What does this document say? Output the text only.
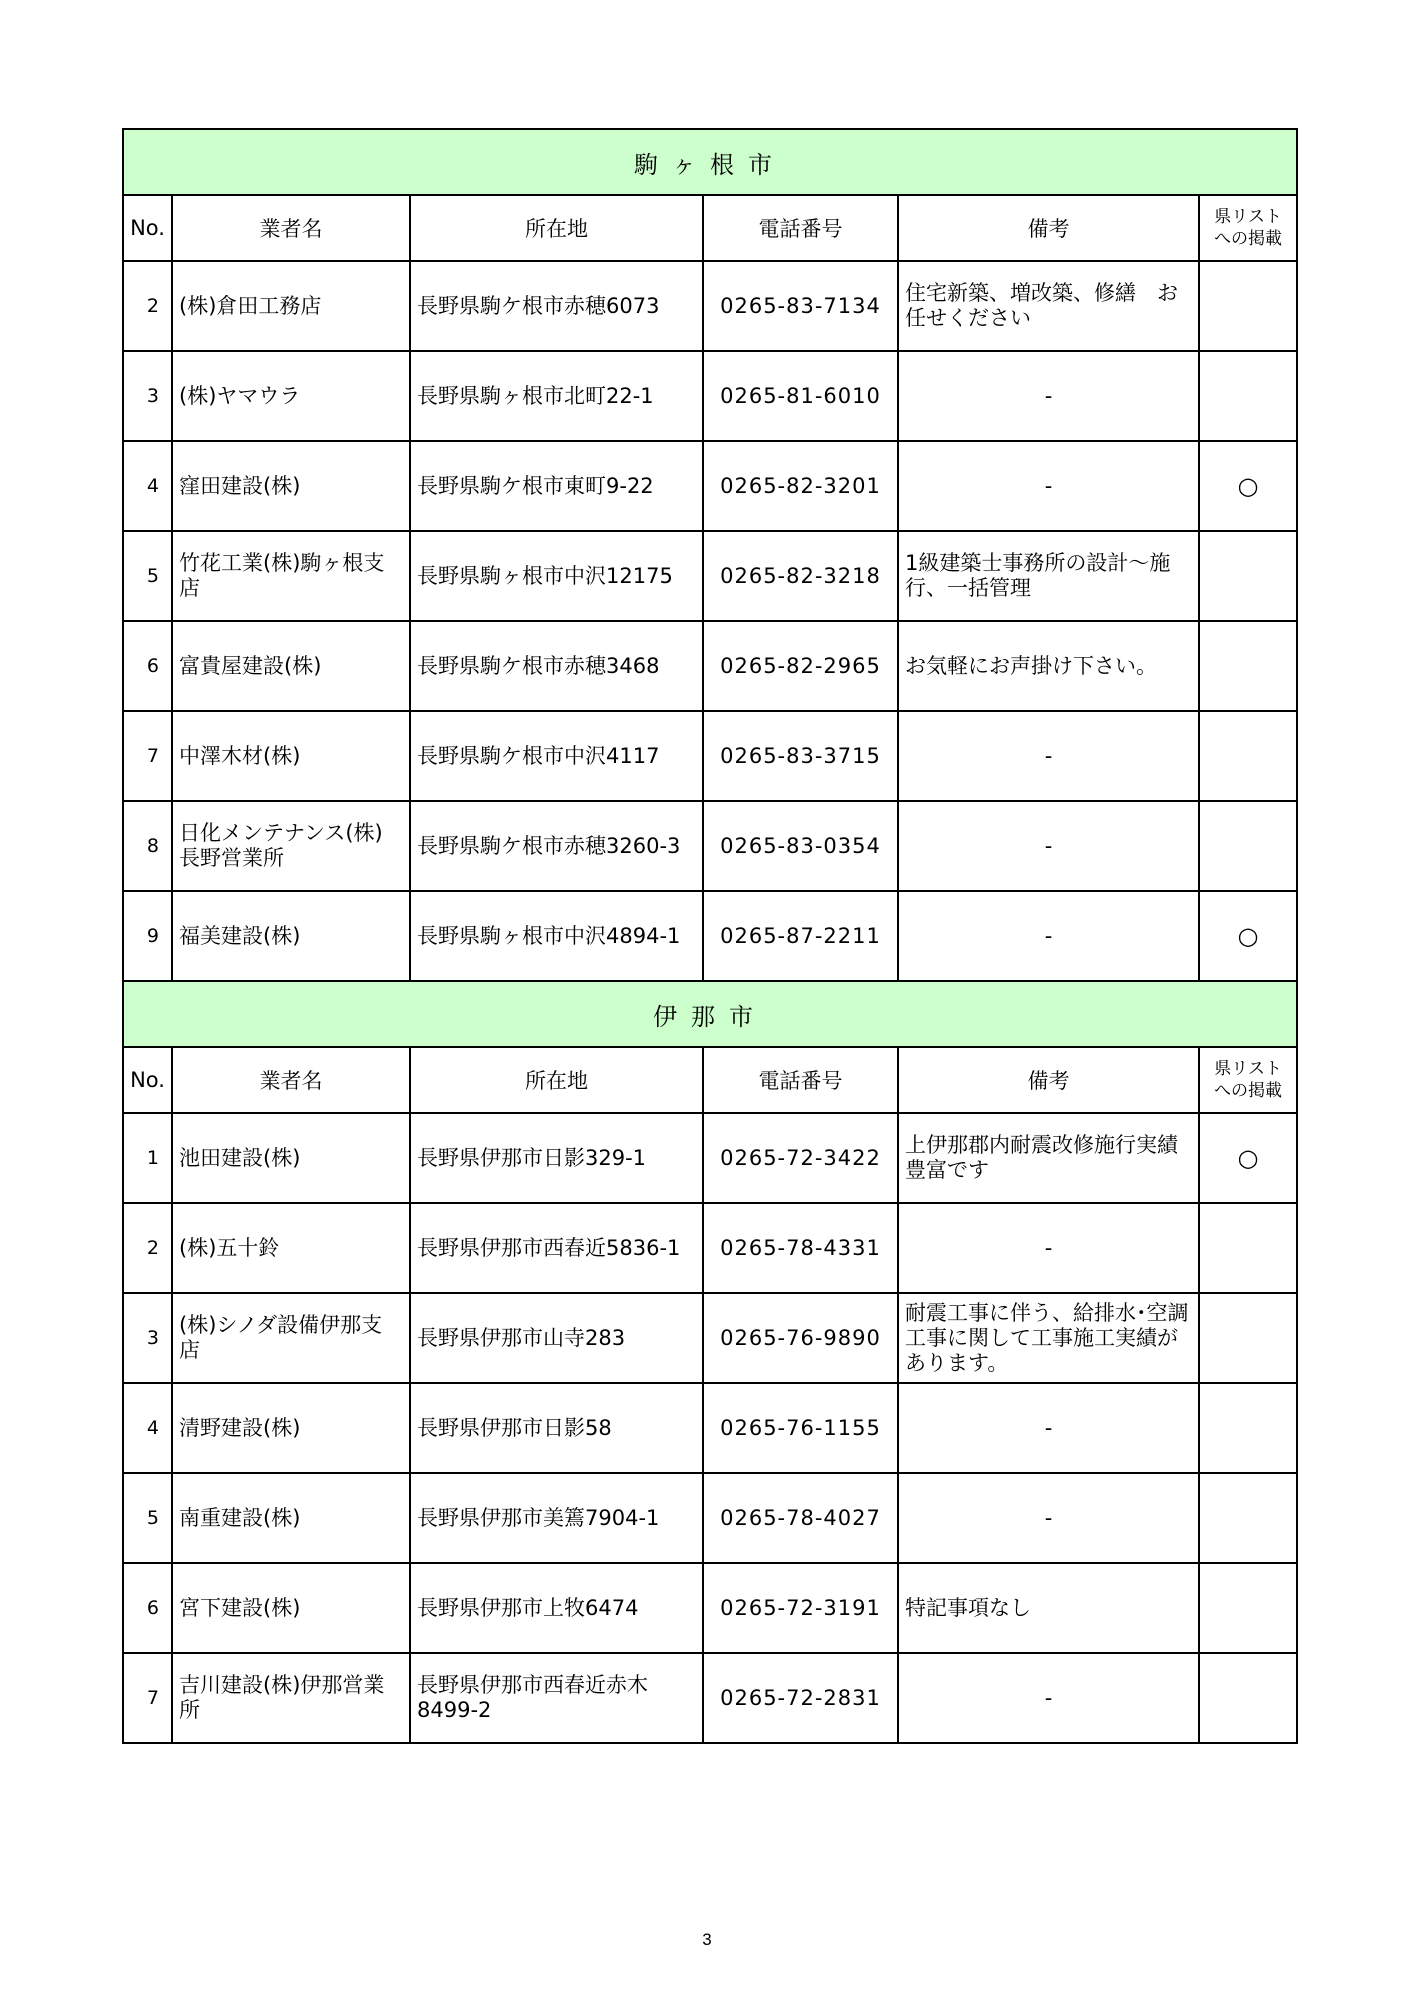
駒ヶ根市					
No.	業者名	所在地	電話番号	備考	県リスト
への掲載
2	(株)倉田工務店	長野県駒ケ根市赤穂6073	0265-83-7134	住宅新築、増改築、修繕　お任せください	
3	(株)ヤマウラ	長野県駒ヶ根市北町22-1	0265-81-6010	-	
4	窪田建設(株)	長野県駒ケ根市東町9-22	0265-82-3201	-	○
5	竹花工業(株)駒ヶ根支店	長野県駒ヶ根市中沢12175	0265-82-3218	1級建築士事務所の設計～施行、一括管理	
6	富貴屋建設(株)	長野県駒ケ根市赤穂3468	0265-82-2965	お気軽にお声掛け下さい。	
7	中澤木材(株)	長野県駒ケ根市中沢4117	0265-83-3715	-	
8	日化メンテナンス(株)長野営業所	長野県駒ケ根市赤穂3260-3	0265-83-0354	-	
9	福美建設(株)	長野県駒ヶ根市中沢4894-1	0265-87-2211	-	○
伊那市					
No.	業者名	所在地	電話番号	備考	県リスト
への掲載
1	池田建設(株)	長野県伊那市日影329-1	0265-72-3422	上伊那郡内耐震改修施行実績豊富です	○
2	(株)五十鈴	長野県伊那市西春近5836-1	0265-78-4331	-	
3	(株)シノダ設備伊那支店	長野県伊那市山寺283	0265-76-9890	耐震工事に伴う、給排水･空調工事に関して工事施工実績があります。	
4	清野建設(株)	長野県伊那市日影58	0265-76-1155	-	
5	南重建設(株)	長野県伊那市美篶7904-1	0265-78-4027	-	
6	宮下建設(株)	長野県伊那市上牧6474	0265-72-3191	特記事項なし	
7	吉川建設(株)伊那営業所	長野県伊那市西春近赤木8499-2	0265-72-2831	-	
3
